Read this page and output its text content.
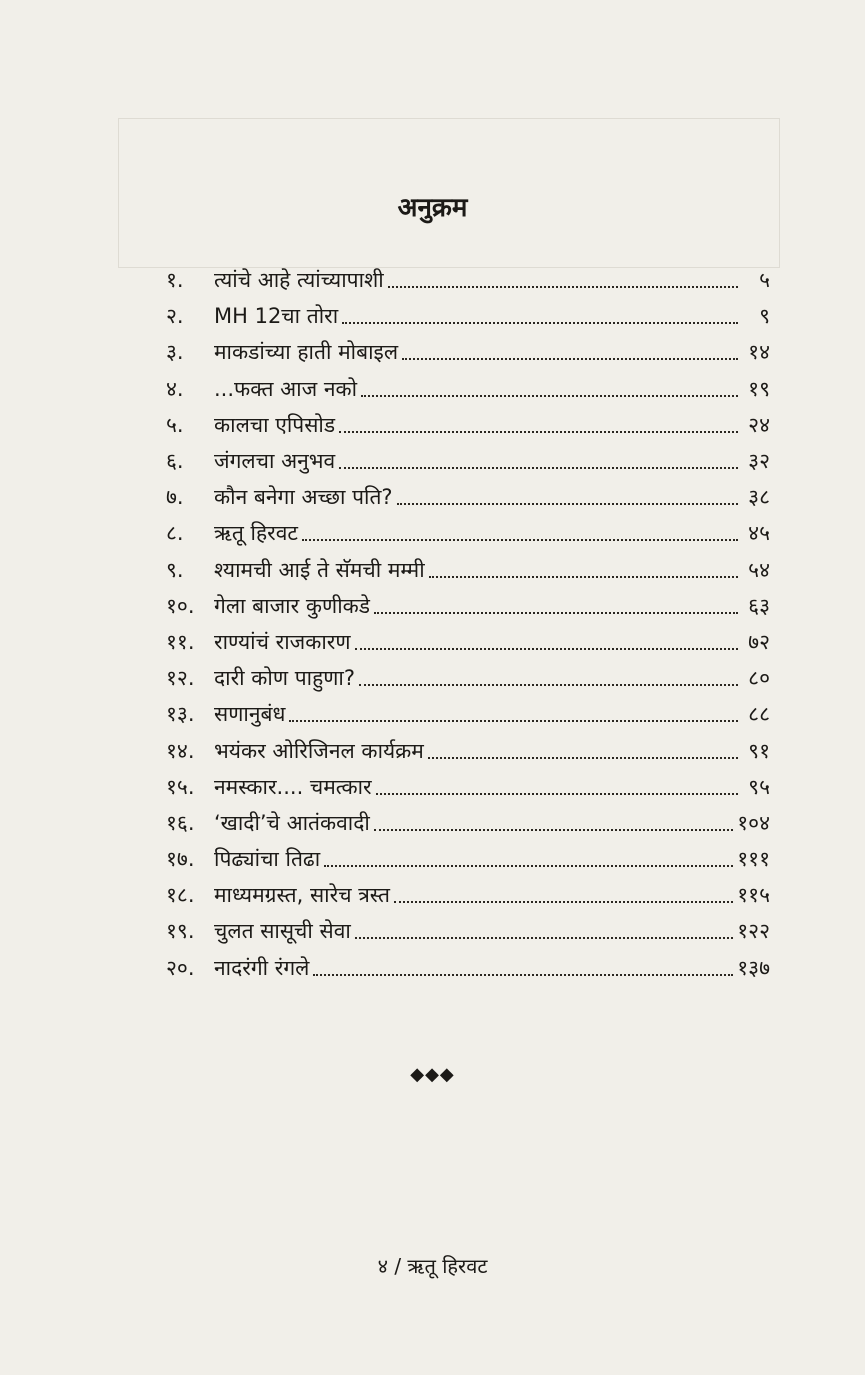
अनुक्रम
१.	त्यांचे आहे त्यांच्यापाशी	५
२.	MH 12चा तोरा	९
३.	माकडांच्या हाती मोबाइल	१४
४.	...फक्त आज नको	१९
५.	कालचा एपिसोड	२४
६.	जंगलचा अनुभव	३२
७.	कौन बनेगा अच्छा पति?	३८
८.	ऋतू हिरवट	४५
९.	श्यामची आई ते सॅमची मम्मी	५४
१०. गेला बाजार कुणीकडे	६३
११. राण्यांचं राजकारण	७२
१२. दारी कोण पाहुणा?	८०
१३. सणानुबंध	८८
१४. भयंकर ओरिजिनल कार्यक्रम	९१
१५. नमस्कार.... चमत्कार	९५
१६. ‘खादी’चे आतंकवादी	१०४
१७. पिढ्यांचा तिढा	१११
१८. माध्यमग्रस्त, सारेच त्रस्त	११५
१९. चुलत सासूची सेवा	१२२
२०. नादरंगी रंगले	१३७
◆◆◆
४ / ऋतू हिरवट
